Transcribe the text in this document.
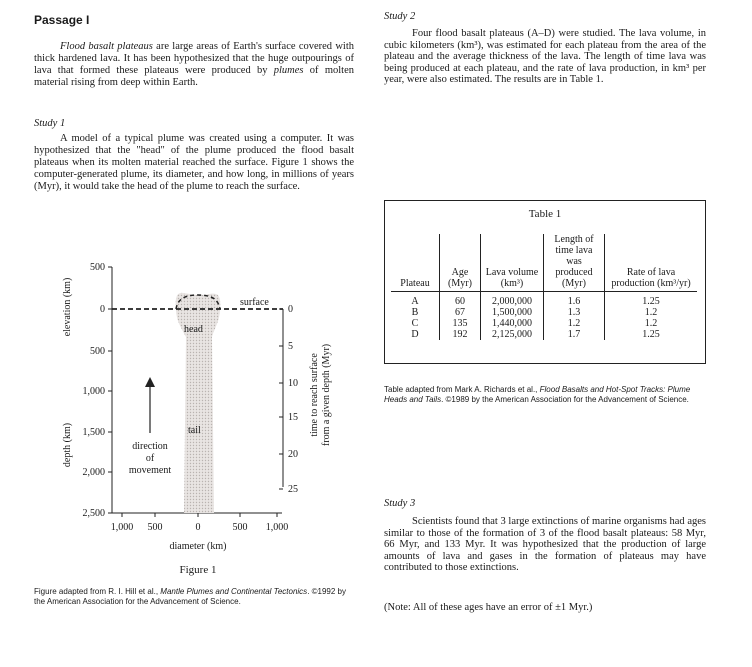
Passage I
Flood basalt plateaus are large areas of Earth's surface covered with thick hardened lava. It has been hypothesized that the huge outpourings of lava that formed these plateaus were produced by plumes of molten material rising from deep within Earth.
Study 1
A model of a typical plume was created using a computer. It was hypothesized that the "head" of the plume produced the flood basalt plateaus when its molten material reached the surface. Figure 1 shows the computer-generated plume, its diameter, and how long, in millions of years (Myr), it would take the head of the plume to reach the surface.
elevation (km)
depth (km)
time to reach surface from a given depth (Myr)
500
0
500
1,000
1,500
2,000
2,500
0
5
10
15
20
25
1,000 500	0	500 1,000
surface
head
tail
direction
of
movement
diameter (km)
Figure 1
Figure adapted from R. I. Hill et al., Mantle Plumes and Continental Tectonics. ©1992 by the American Association for the Advancement of Science.
Study 2
Four flood basalt plateaus (A–D) were studied. The lava volume, in cubic kilometers (km³), was estimated for each plateau from the area of the plateau and the average thickness of the lava. The length of time lava was being produced at each plateau, and the rate of lava production, in km³ per year, were also estimated. The results are in Table 1.
Table 1
Plateau	Age (Myr)	Lava volume (km³)	Length of time lava was produced (Myr)	Rate of lava production (km³/yr)
A	60	2,000,000	1.6	1.25
B	67	1,500,000	1.3	1.2
C	135	1,440,000	1.2	1.2
D	192	2,125,000	1.7	1.25
Table adapted from Mark A. Richards et al., Flood Basalts and Hot-Spot Tracks: Plume Heads and Tails. ©1989 by the American Association for the Advancement of Science.
Study 3
Scientists found that 3 large extinctions of marine organisms had ages similar to those of the formation of 3 of the flood basalt plateaus: 58 Myr, 66 Myr, and 133 Myr. It was hypothesized that the production of large amounts of lava and gases in the formation of plateaus may have contributed to those extinctions.
(Note: All of these ages have an error of ±1 Myr.)
